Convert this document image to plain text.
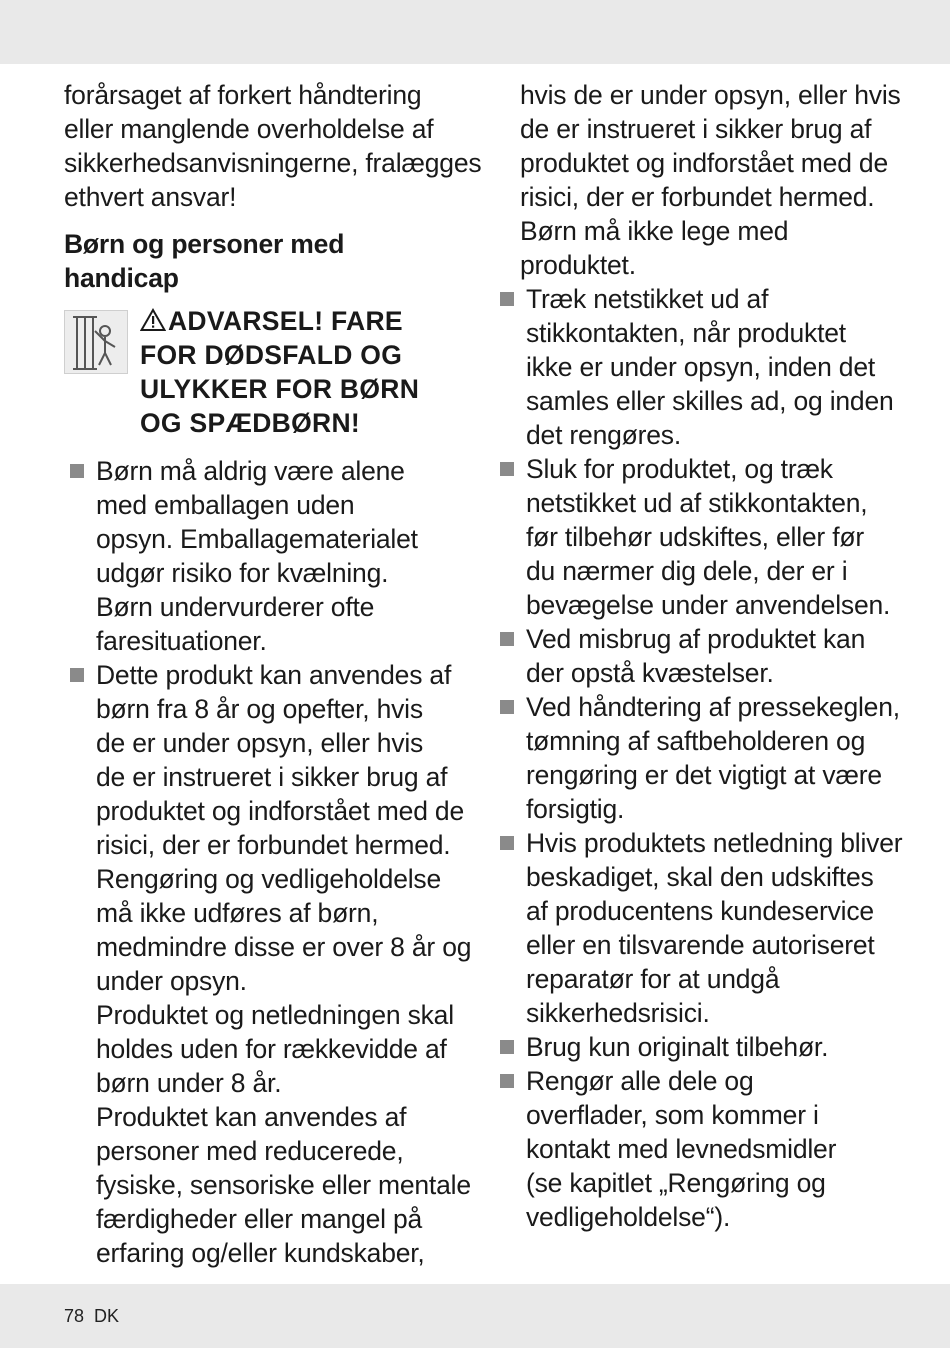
forårsaget af forkert håndtering
eller manglende overholdelse af
sikkerhedsanvisningerne, fralægges
ethvert ansvar!
Børn og personer med
handicap
ADVARSEL! FARE
FOR DØDSFALD OG
ULYKKER FOR BØRN
OG SPÆDBØRN!
Børn må aldrig være alene
med emballagen uden
opsyn. Emballagematerialet
udgør risiko for kvælning.
Børn undervurderer ofte
faresituationer.
Dette produkt kan anvendes af
børn fra 8 år og opefter, hvis
de er under opsyn, eller hvis
de er instrueret i sikker brug af
produktet og indforstået med de
risici, der er forbundet hermed.
Rengøring og vedligeholdelse
må ikke udføres af børn,
medmindre disse er over 8 år og
under opsyn.
Produktet og netledningen skal
holdes uden for rækkevidde af
børn under 8 år.
Produktet kan anvendes af
personer med reducerede,
fysiske, sensoriske eller mentale
færdigheder eller mangel på
erfaring og/eller kundskaber,
hvis de er under opsyn, eller hvis
de er instrueret i sikker brug af
produktet og indforstået med de
risici, der er forbundet hermed.
Børn må ikke lege med
produktet.
Træk netstikket ud af
stikkontakten, når produktet
ikke er under opsyn, inden det
samles eller skilles ad, og inden
det rengøres.
Sluk for produktet, og træk
netstikket ud af stikkontakten,
før tilbehør udskiftes, eller før
du nærmer dig dele, der er i
bevægelse under anvendelsen.
Ved misbrug af produktet kan
der opstå kvæstelser.
Ved håndtering af pressekeglen,
tømning af saftbeholderen og
rengøring er det vigtigt at være
forsigtig.
Hvis produktets netledning bliver
beskadiget, skal den udskiftes
af producentens kundeservice
eller en tilsvarende autoriseret
reparatør for at undgå
sikkerhedsrisici.
Brug kun originalt tilbehør.
Rengør alle dele og
overflader, som kommer i
kontakt med levnedsmidler
(se kapitlet „Rengøring og
vedligeholdelse“).
78 DK
